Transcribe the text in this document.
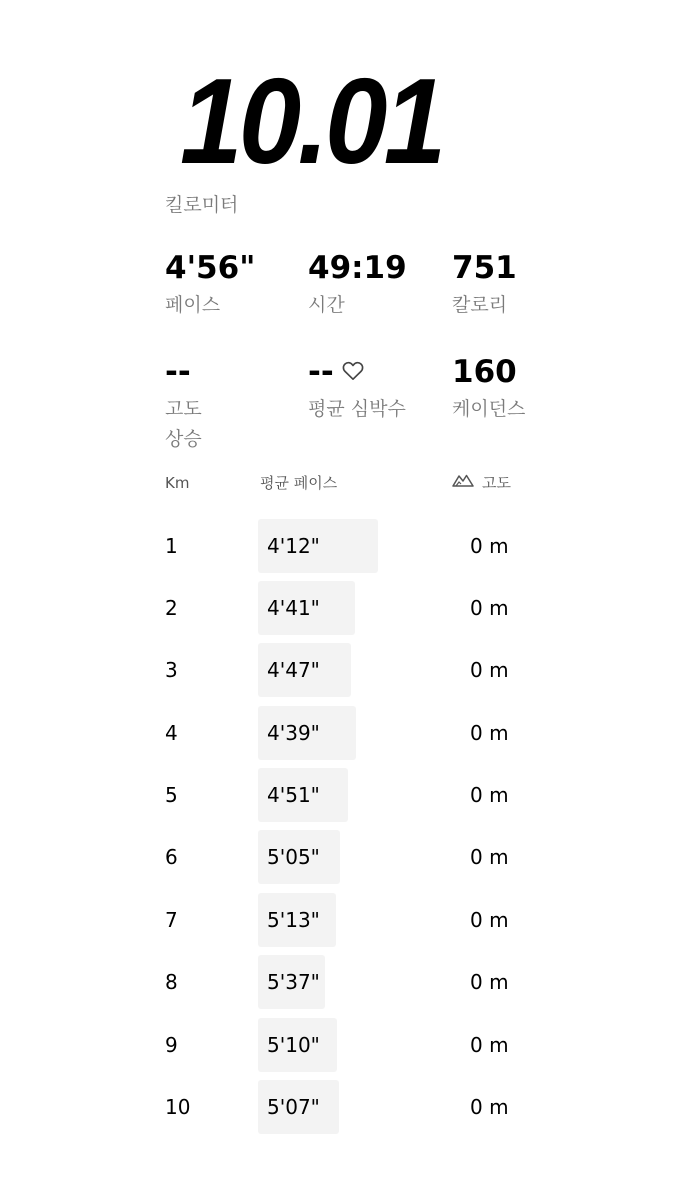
10.01
킬로미터
4'56"
페이스
49:19
시간
751
칼로리
--
고도 상승
--
평균 심박수
160
케이던스
Km	평균 페이스	고도
1	4'12"	0 m
2	4'41"	0 m
3	4'47"	0 m
4	4'39"	0 m
5	4'51"	0 m
6	5'05"	0 m
7	5'13"	0 m
8	5'37"	0 m
9	5'10"	0 m
10	5'07"	0 m
